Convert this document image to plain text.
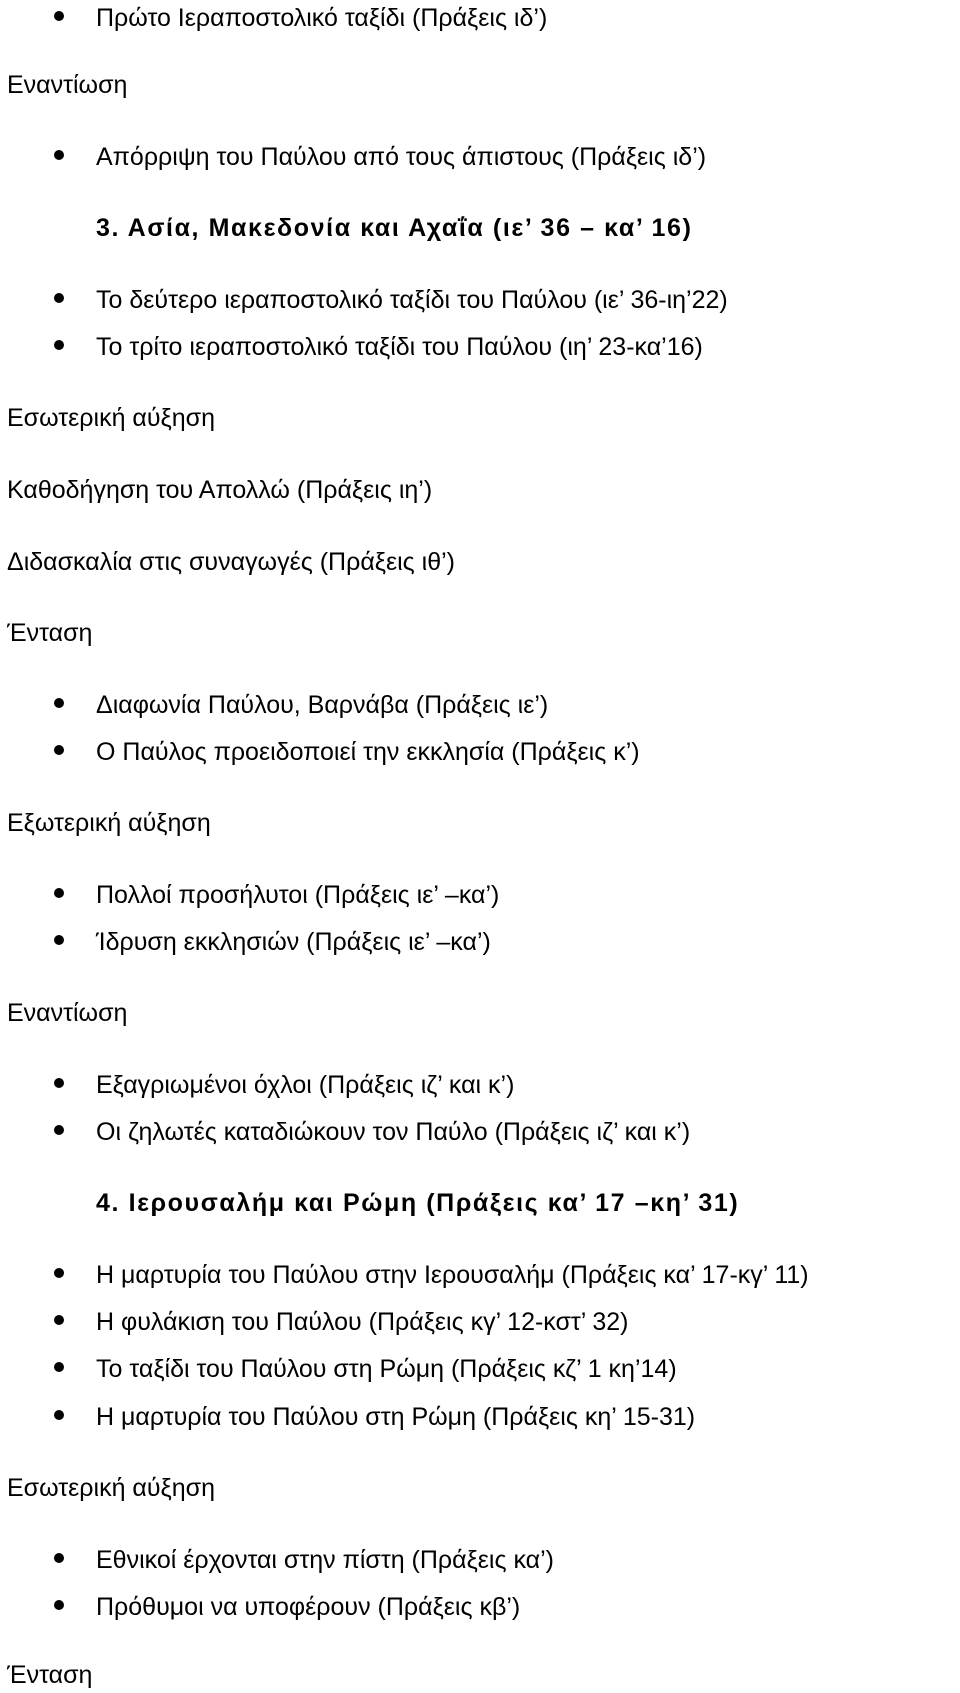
Πρώτο Ιεραποστολικό ταξίδι (Πράξεις ιδ’)
Εναντίωση
Απόρριψη του Παύλου από τους άπιστους (Πράξεις ιδ’)
3. Ασία, Μακεδονία και Αχαΐα (ιε’ 36 – κα’ 16)
Το δεύτερο ιεραποστολικό ταξίδι του Παύλου (ιε’ 36-ιη’22)
Το τρίτο ιεραποστολικό ταξίδι του Παύλου (ιη’ 23-κα’16)
Εσωτερική αύξηση
Καθοδήγηση του Απολλώ (Πράξεις ιη’)
Διδασκαλία στις συναγωγές (Πράξεις ιθ’)
Ένταση
Διαφωνία Παύλου, Βαρνάβα (Πράξεις ιε’)
Ο Παύλος προειδοποιεί την εκκλησία (Πράξεις κ’)
Εξωτερική αύξηση
Πολλοί προσήλυτοι (Πράξεις ιε’ –κα’)
Ίδρυση εκκλησιών (Πράξεις ιε’ –κα’)
Εναντίωση
Εξαγριωμένοι όχλοι (Πράξεις ιζ’ και κ’)
Οι ζηλωτές καταδιώκουν τον Παύλο (Πράξεις ιζ’ και κ’)
4. Ιερουσαλήμ και Ρώμη (Πράξεις κα’ 17 –κη’ 31)
Η μαρτυρία του Παύλου στην Ιερουσαλήμ (Πράξεις κα’ 17-κγ’ 11)
Η φυλάκιση του Παύλου (Πράξεις κγ’ 12-κστ’ 32)
Το ταξίδι του Παύλου στη Ρώμη (Πράξεις κζ’ 1 κη’14)
Η μαρτυρία του Παύλου στη Ρώμη (Πράξεις κη’ 15-31)
Εσωτερική αύξηση
Εθνικοί έρχονται στην πίστη (Πράξεις κα’)
Πρόθυμοι να υποφέρουν (Πράξεις κβ’)
Ένταση
